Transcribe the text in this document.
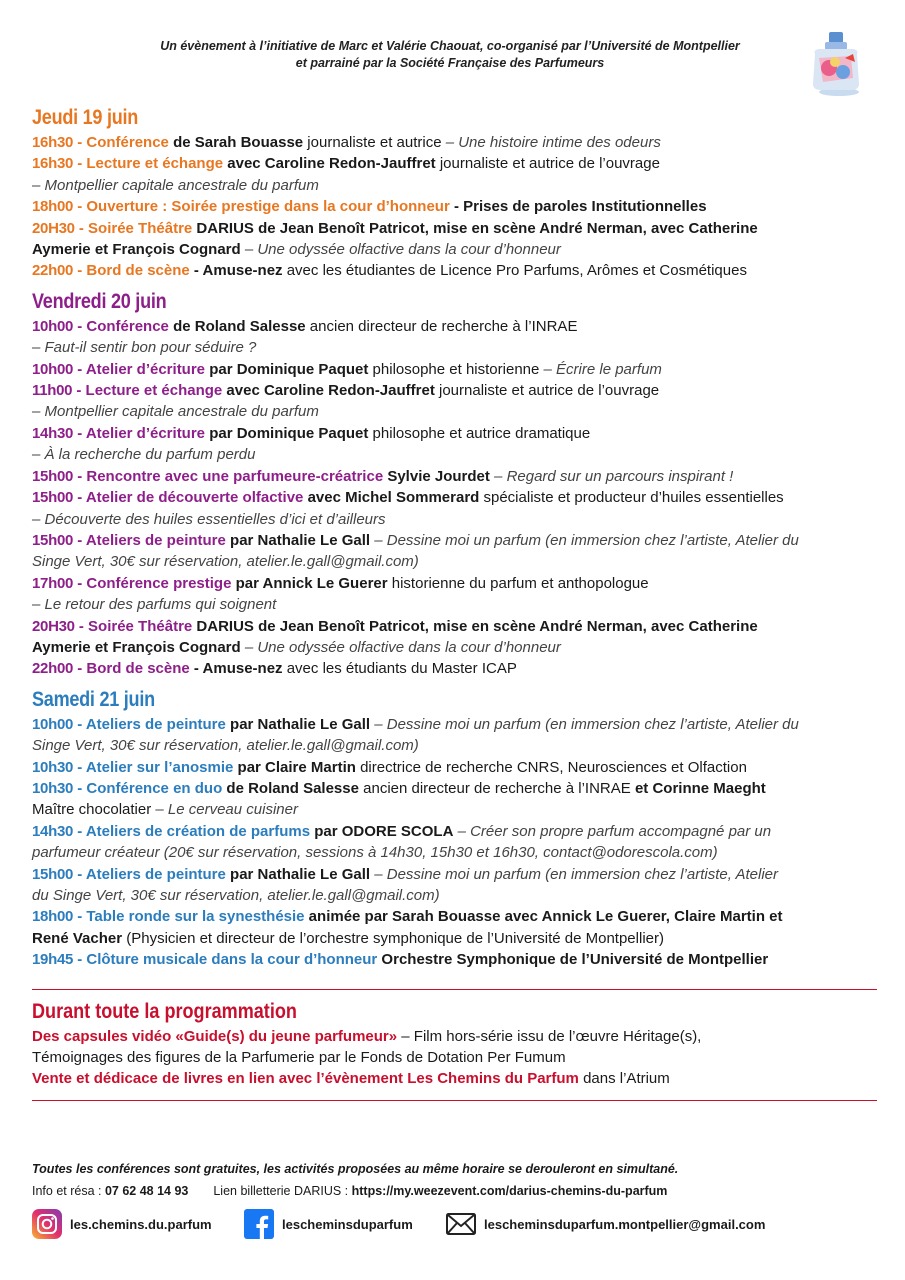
Un évènement à l’initiative de Marc et Valérie Chaouat, co-organisé par l’Université de Montpellier
et parrainé par la Société Française des Parfumeurs
Jeudi 19 juin
16h30 - Conférence de Sarah Bouasse journaliste et autrice – Une histoire intime des odeurs
16h30 - Lecture et échange avec Caroline Redon-Jauffret journaliste et autrice de l’ouvrage
– Montpellier capitale ancestrale du parfum
18h00 - Ouverture : Soirée prestige dans la cour d’honneur - Prises de paroles Institutionnelles
20H30 - Soirée Théâtre DARIUS de Jean Benoît Patricot, mise en scène André Nerman, avec Catherine
Aymerie et François Cognard – Une odyssée olfactive dans la cour d’honneur
22h00 - Bord de scène - Amuse-nez avec les étudiantes de Licence Pro Parfums, Arômes et Cosmétiques
Vendredi 20 juin
10h00 - Conférence de Roland Salesse ancien directeur de recherche à l’INRAE
– Faut-il sentir bon pour séduire ?
10h00 - Atelier d’écriture par Dominique Paquet philosophe et historienne – Écrire le parfum
11h00 - Lecture et échange avec Caroline Redon-Jauffret journaliste et autrice de l’ouvrage
– Montpellier capitale ancestrale du parfum
14h30 - Atelier d’écriture par Dominique Paquet philosophe et autrice dramatique
– À la recherche du parfum perdu
15h00 - Rencontre avec une parfumeure-créatrice Sylvie Jourdet – Regard sur un parcours inspirant !
15h00 - Atelier de découverte olfactive avec Michel Sommerard spécialiste et producteur d’huiles essentielles
– Découverte des huiles essentielles d’ici et d’ailleurs
15h00 - Ateliers de peinture par Nathalie Le Gall – Dessine moi un parfum (en immersion chez l’artiste, Atelier du
Singe Vert, 30€ sur réservation, atelier.le.gall@gmail.com)
17h00 - Conférence prestige par Annick Le Guerer historienne du parfum et anthopologue
– Le retour des parfums qui soignent
20H30 - Soirée Théâtre DARIUS de Jean Benoît Patricot, mise en scène André Nerman, avec Catherine
Aymerie et François Cognard – Une odyssée olfactive dans la cour d’honneur
22h00 - Bord de scène - Amuse-nez avec les étudiants du Master ICAP
Samedi 21 juin
10h00 - Ateliers de peinture par Nathalie Le Gall – Dessine moi un parfum (en immersion chez l’artiste, Atelier du
Singe Vert, 30€ sur réservation, atelier.le.gall@gmail.com)
10h30 - Atelier sur l’anosmie par Claire Martin directrice de recherche CNRS, Neurosciences et Olfaction
10h30 - Conférence en duo de Roland Salesse ancien directeur de recherche à l’INRAE et Corinne Maeght
Maître chocolatier – Le cerveau cuisiner
14h30 - Ateliers de création de parfums par ODORE SCOLA – Créer son propre parfum accompagné par un
parfumeur créateur (20€ sur réservation, sessions à 14h30, 15h30 et 16h30, contact@odorescola.com)
15h00 - Ateliers de peinture par Nathalie Le Gall – Dessine moi un parfum (en immersion chez l’artiste, Atelier
du Singe Vert, 30€ sur réservation, atelier.le.gall@gmail.com)
18h00 - Table ronde sur la synesthésie animée par Sarah Bouasse avec Annick Le Guerer, Claire Martin et
René Vacher (Physicien et directeur de l’orchestre symphonique de l’Université de Montpellier)
19h45 - Clôture musicale dans la cour d’honneur Orchestre Symphonique de l’Université de Montpellier
Durant toute la programmation
Des capsules vidéo «Guide(s) du jeune parfumeur» – Film hors-série issu de l’œuvre Héritage(s),
Témoignages des figures de la Parfumerie par le Fonds de Dotation Per Fumum
Vente et dédicace de livres en lien avec l’évènement Les Chemins du Parfum dans l’Atrium
Toutes les conférences sont gratuites, les activités proposées au même horaire se derouleront en simultané.
Info et résa : 07 62 48 14 93 Lien billetterie DARIUS : https://my.weezevent.com/darius-chemins-du-parfum
les.chemins.du.parfum	lescheminsduparfum	lescheminsduparfum.montpellier@gmail.com
